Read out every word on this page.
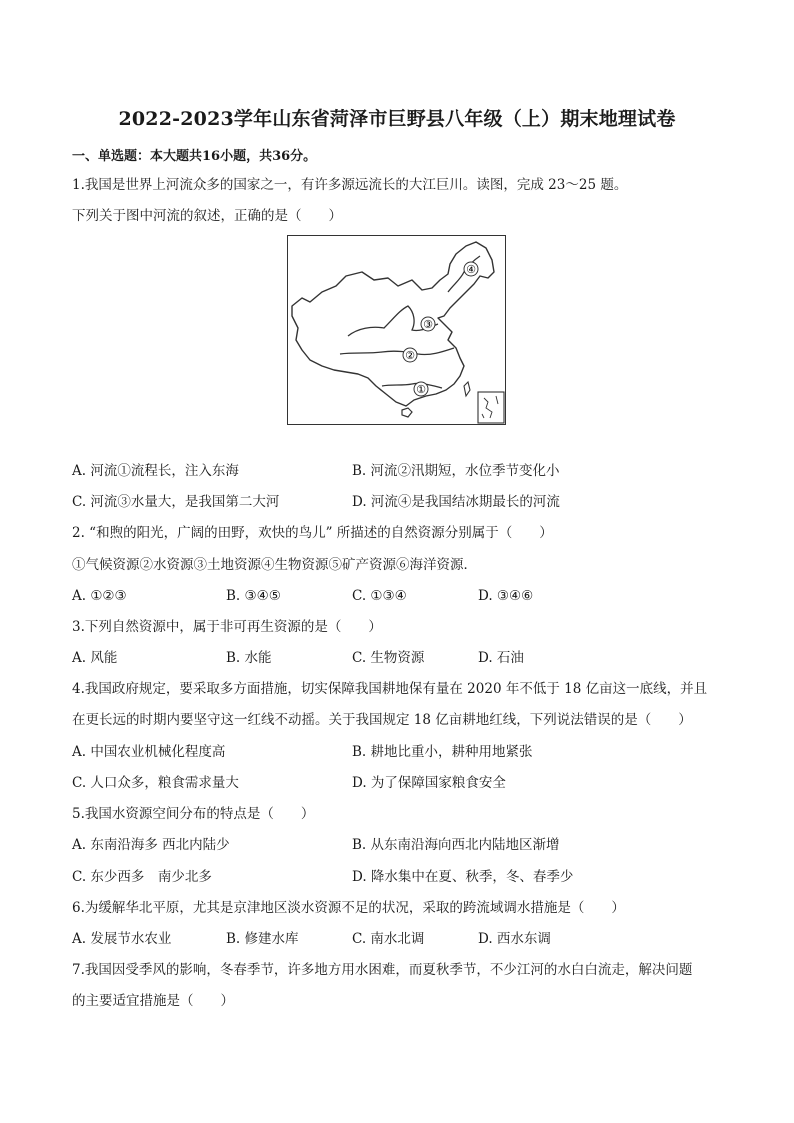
2022-2023学年山东省菏泽市巨野县八年级（上）期末地理试卷
一、单选题：本大题共16小题，共36分。
1.我国是世界上河流众多的国家之一，有许多源远流长的大江巨川。读图，完成 23～25 题。
下列关于图中河流的叙述，正确的是（　　）
④
③
②
①
A. 河流①流程长，注入东海	B. 河流②汛期短，水位季节变化小
C. 河流③水量大，是我国第二大河	D. 河流④是我国结冰期最长的河流
2. “和煦的阳光，广阔的田野，欢快的鸟儿” 所描述的自然资源分别属于（　　）
①气候资源②水资源③土地资源④生物资源⑤矿产资源⑥海洋资源．
A. ①②③	B. ③④⑤	C. ①③④	D. ③④⑥
3.下列自然资源中，属于非可再生资源的是（　　）
A. 风能	B. 水能	C. 生物资源	D. 石油
4.我国政府规定，要采取多方面措施，切实保障我国耕地保有量在 2020 年不低于 18 亿亩这一底线，并且
在更长远的时期内要坚守这一红线不动摇。关于我国规定 18 亿亩耕地红线，下列说法错误的是（　　）
A. 中国农业机械化程度高	B. 耕地比重小，耕种用地紧张
C. 人口众多，粮食需求量大	D. 为了保障国家粮食安全
5.我国水资源空间分布的特点是（　　）
A. 东南沿海多 西北内陆少	B. 从东南沿海向西北内陆地区渐增
C. 东少西多　南少北多	D. 降水集中在夏、秋季，冬、春季少
6.为缓解华北平原，尤其是京津地区淡水资源不足的状况，采取的跨流域调水措施是（　　）
A. 发展节水农业	B. 修建水库	C. 南水北调	D. 西水东调
7.我国因受季风的影响，冬春季节，许多地方用水困难，而夏秋季节，不少江河的水白白流走，解决问题
的主要适宜措施是（　　）
